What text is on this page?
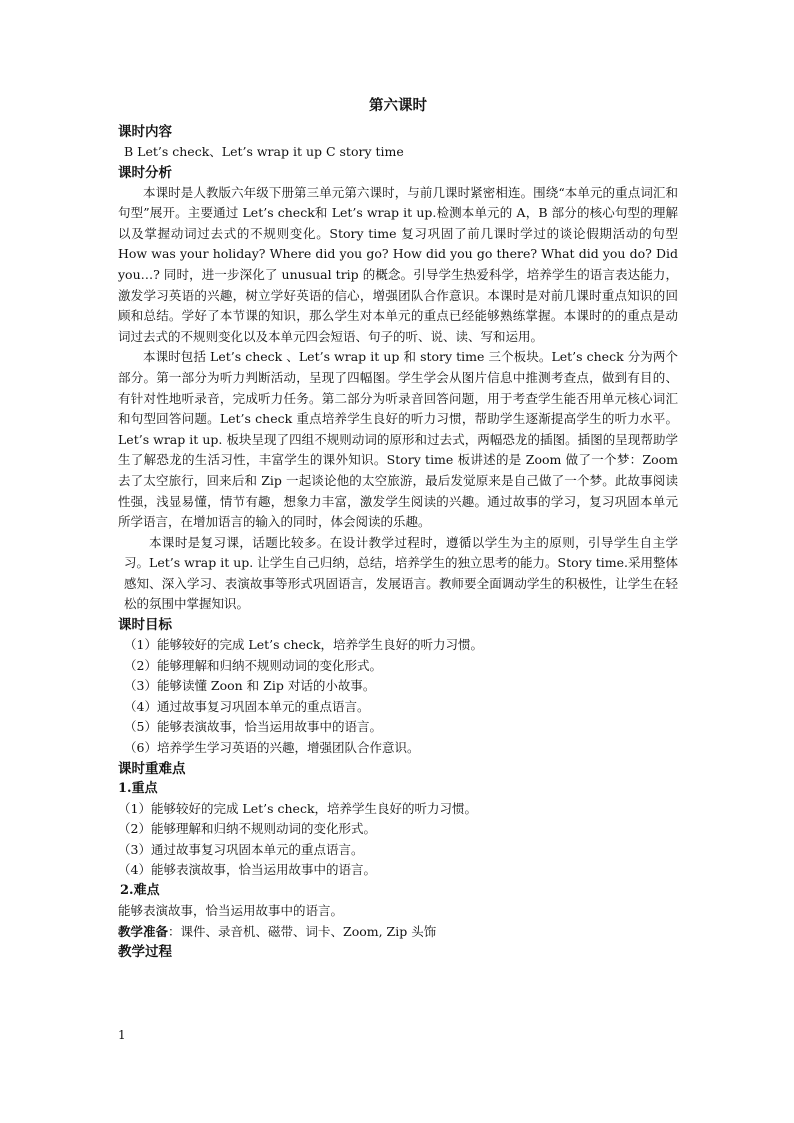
第六课时

课时内容

B Let’s check、Let’s wrap it up C story time

课时分析

本课时是人教版六年级下册第三单元第六课时，与前几课时紧密相连。围绕“本单元的重点词汇和句型”展开。主要通过 Let’s check和 Let’s wrap it up.检测本单元的 A，B 部分的核心句型的理解以及掌握动词过去式的不规则变化。Story time 复习巩固了前几课时学过的谈论假期活动的句型 How was your holiday? Where did you go? How did you go there? What did you do? Did you…? 同时，进一步深化了 unusual trip 的概念。引导学生热爱科学，培养学生的语言表达能力，激发学习英语的兴趣，树立学好英语的信心，增强团队合作意识。本课时是对前几课时重点知识的回顾和总结。学好了本节课的知识，那么学生对本单元的重点已经能够熟练掌握。本课时的的重点是动词过去式的不规则变化以及本单元四会短语、句子的听、说、读、写和运用。

本课时包括 Let’s check 、Let’s wrap it up 和 story time 三个板块。Let’s check 分为两个部分。第一部分为听力判断活动，呈现了四幅图。学生学会从图片信息中推测考查点，做到有目的、有针对性地听录音，完成听力任务。第二部分为听录音回答问题，用于考查学生能否用单元核心词汇和句型回答问题。Let’s check 重点培养学生良好的听力习惯，帮助学生逐渐提高学生的听力水平。Let’s wrap it up. 板块呈现了四组不规则动词的原形和过去式，两幅恐龙的插图。插图的呈现帮助学生了解恐龙的生活习性，丰富学生的课外知识。Story time 板讲述的是 Zoom 做了一个梦：Zoom 去了太空旅行，回来后和 Zip 一起谈论他的太空旅游，最后发觉原来是自己做了一个梦。此故事阅读性强，浅显易懂，情节有趣，想象力丰富，激发学生阅读的兴趣。通过故事的学习，复习巩固本单元所学语言，在增加语言的输入的同时，体会阅读的乐趣。

本课时是复习课，话题比较多。在设计教学过程时，遵循以学生为主的原则，引导学生自主学习。Let’s wrap it up. 让学生自己归纳，总结，培养学生的独立思考的能力。Story time.采用整体感知、深入学习、表演故事等形式巩固语言，发展语言。教师要全面调动学生的积极性，让学生在轻松的氛围中掌握知识。

课时目标

（1）能够较好的完成 Let’s check，培养学生良好的听力习惯。
（2）能够理解和归纳不规则动词的变化形式。
（3）能够读懂 Zoon 和 Zip 对话的小故事。
（4）通过故事复习巩固本单元的重点语言。
（5）能够表演故事，恰当运用故事中的语言。
（6）培养学生学习英语的兴趣，增强团队合作意识。

课时重难点

1.重点

（1）能够较好的完成 Let’s check，培养学生良好的听力习惯。
（2）能够理解和归纳不规则动词的变化形式。
（3）通过故事复习巩固本单元的重点语言。
（4）能够表演故事，恰当运用故事中的语言。

2.难点

能够表演故事，恰当运用故事中的语言。

教学准备：课件、录音机、磁带、词卡、Zoom, Zip 头饰

教学过程

1
